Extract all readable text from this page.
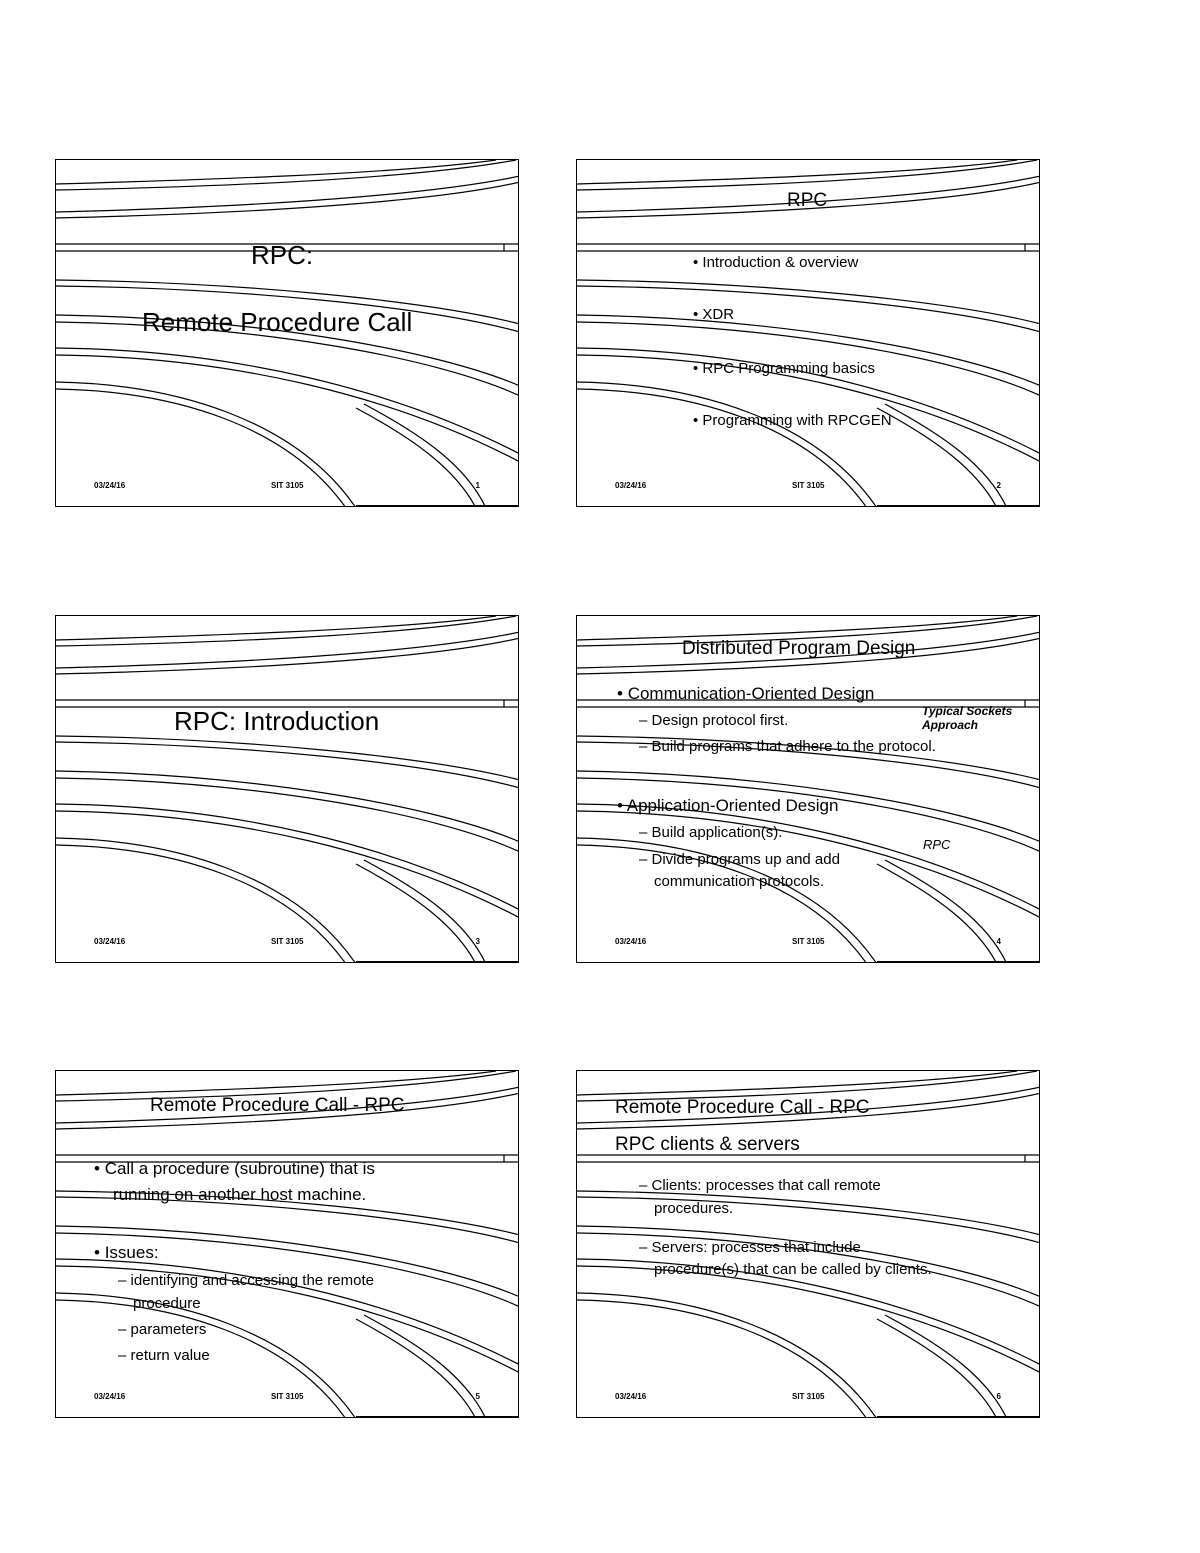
RPC:
Remote Procedure Call
03/24/16	SIT 3105	1
RPC
• Introduction & overview
• XDR
• RPC Programming basics
• Programming with RPCGEN
03/24/16	SIT 3105	2
RPC: Introduction
03/24/16	SIT 3105	3
Distributed Program Design
• Communication-Oriented Design
– Design protocol first.
– Build programs that adhere to the protocol.
Typical Sockets Approach
• Application-Oriented Design
– Build application(s).
– Divide programs up and add
communication protocols.
RPC
03/24/16	SIT 3105	4
Remote Procedure Call - RPC
• Call a procedure (subroutine) that is
running on another host machine.
• Issues:
– identifying and accessing the remote
procedure
– parameters
– return value
03/24/16	SIT 3105	5
Remote Procedure Call - RPC
RPC clients & servers
– Clients: processes that call remote
procedures.
– Servers: processes that include
procedure(s) that can be called by clients.
03/24/16	SIT 3105	6
